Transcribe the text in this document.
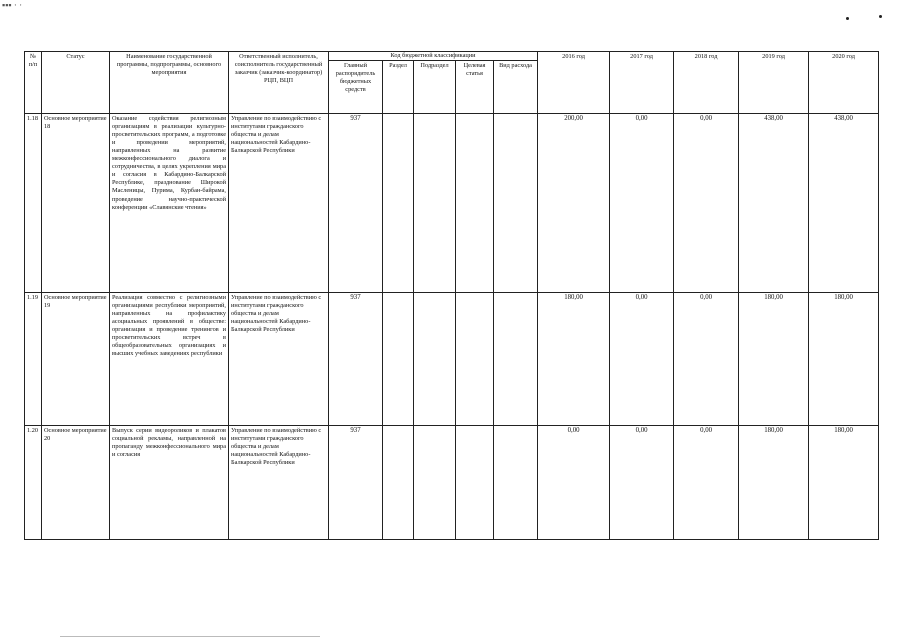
▪▪▪ · ·
№ п/п	Статус	Наименование государственной программы, подпрограммы, основного мероприятия	Ответственный исполнитель, соисполнитель государственный заказчик (заказчик-координатор) РЦП, ВЦП	Код бюджетной классификации					2016 год	2017 год	2018 год	2019 год	2020 год
				Главный распорядитель бюджетных средств	Раздел	Подраздел	Целевая статья	Вид расхода					
1.18	Основное мероприятие 18	Оказание содействия религиозным организациям в реализации культурно-просветительских программ, а подготовке и проведении мероприятий, направленных на развитие межконфессионального диалога и сотрудничества, в целях укрепления мира и согласия в Кабардино-Балкарской Республике, празднование Широкой Масленицы, Пурима, Курбан-байрама, проведение научно-практической конференции «Славянские чтения»	Управление по взаимодействию с институтами гражданского общества и делам национальностей Кабардино-Балкарской Республики	937					200,00	0,00	0,00	438,00	438,00
1.19	Основное мероприятие 19	Реализация совместно с религиозными организациями республики мероприятий, направленных на профилактику асоциальных проявлений в обществе: организация и проведение тренингов и просветительских встреч в общеобразовательных организациях и высших учебных заведениях республики	Управление по взаимодействию с институтами гражданского общества и делам национальностей Кабардино-Балкарской Республики	937					180,00	0,00	0,00	180,00	180,00
1.20	Основное мероприятие 20	Выпуск серии видеороликов и плакатов социальной рекламы, направленной на пропаганду межконфессионального мира и согласия	Управление по взаимодействию с институтами гражданского общества и делам национальностей Кабардино-Балкарской Республики	937					0,00	0,00	0,00	180,00	180,00
